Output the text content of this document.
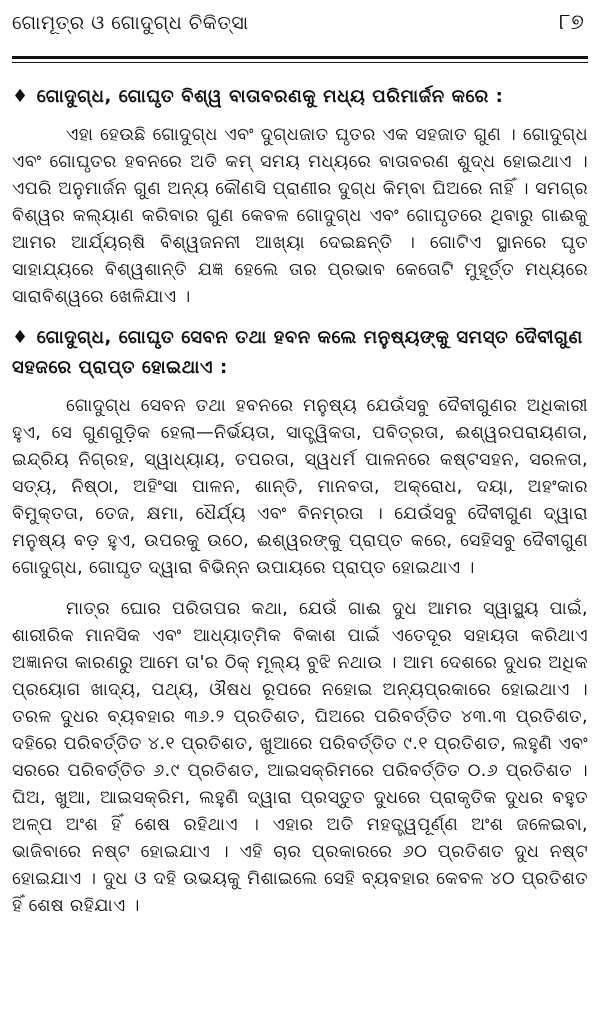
ଗୋମୂତ୍ର ଓ ଗୋଦୁଗ୍ଧ ଚିକିତ୍ସା	୮୭
♦ ଗୋଦୁଗ୍ଧ, ଗୋଘୃତ ବିଶ୍ୱ ବାତାବରଣକୁ ମଧ୍ୟ ପରିମାର୍ଜନ କରେ :

ଏହା ହେଉଛି ଗୋଦୁଗ୍ଧ ଏବଂ ଦୁଗ୍ଧଜାତ ଘୃତର ଏକ ସହଜାତ ଗୁଣ । ଗୋଦୁଗ୍ଧ ଏବଂ ଗୋଘୃତର ହବନରେ ଅତି କମ୍ ସମୟ ମଧ୍ୟରେ ବାତାବରଣ ଶୁଦ୍ଧ ହୋଇଥାଏ । ଏପରି ଅନୁମାର୍ଜନ ଗୁଣ ଅନ୍ୟ କୌଣସି ପ୍ରାଣୀର ଦୁଗ୍ଧ କିମ୍ବା ଘିଅରେ ନାହିଁ । ସମଗ୍ର ବିଶ୍ୱର କଲ୍ୟାଣ କରିବାର ଗୁଣ କେବଳ ଗୋଦୁଗ୍ଧ ଏବଂ ଗୋଘୃତରେ ଥିବାରୁ ଗାଈକୁ ଆମର ଆର୍ଯ୍ୟଋଷି ବିଶ୍ୱଜନନୀ ଆଖ୍ୟା ଦେଇଛନ୍ତି । ଗୋଟିଏ ସ୍ଥାନରେ ଘୃତ ସାହାଯ୍ୟରେ ବିଶ୍ୱଶାନ୍ତି ଯଜ୍ଞ ହେଲେ ତାର ପ୍ରଭାବ କେତୋଟି ମୁହୂର୍ତ୍ତ ମଧ୍ୟରେ ସାରାବିଶ୍ୱରେ ଖେଳିଯାଏ ।

♦ ଗୋଦୁଗ୍ଧ, ଗୋଘୃତ ସେବନ ତଥା ହବନ କଲେ ମନୁଷ୍ୟଙ୍କୁ ସମସ୍ତ ଦୈବୀଗୁଣ ସହଜରେ ପ୍ରାପ୍ତ ହୋଇଥାଏ :

ଗୋଦୁଗ୍ଧ ସେବନ ତଥା ହବନରେ ମନୁଷ୍ୟ ଯେଉଁସବୁ ଦୈବୀଗୁଣର ଅଧିକାରୀ ହୁଏ, ସେ ଗୁଣଗୁଡ଼ିକ ହେଲା—ନିର୍ଭୟତା, ସାତ୍ତ୍ୱିକତା, ପବିତ୍ରତା, ଈଶ୍ୱରପରାୟଣତା, ଇନ୍ଦ୍ରିୟ ନିଗ୍ରହ, ସ୍ୱାଧ୍ୟାୟ, ତପରତା, ସ୍ୱଧର୍ମ ପାଳନରେ କଷ୍ଟସହନ, ସରଳତା, ସତ୍ୟ, ନିଷ୍ଠା, ଅହିଂସା ପାଳନ, ଶାନ୍ତି, ମାନବତା, ଅକ୍ରୋଧ, ଦୟା, ଅହଂକାର ବିମୁକ୍ତତା, ତେଜ, କ୍ଷମା, ଧୈର୍ଯ୍ୟ ଏବଂ ବିନମ୍ରତା । ଯେଉଁସବୁ ଦୈବୀଗୁଣ ଦ୍ୱାରା ମନୁଷ୍ୟ ବଡ଼ ହୁଏ, ଉପରକୁ ଉଠେ, ଈଶ୍ୱରଙ୍କୁ ପ୍ରାପ୍ତ କରେ, ସେହିସବୁ ଦୈବୀଗୁଣ ଗୋଦୁଗ୍ଧ, ଗୋଘୃତ ଦ୍ୱାରା ବିଭିନ୍ନ ଉପାୟରେ ପ୍ରାପ୍ତ ହୋଇଥାଏ ।

ମାତ୍ର ଘୋର ପରିତାପର କଥା, ଯେଉଁ ଗାଈ ଦୁଧ ଆମର ସ୍ୱାସ୍ଥ୍ୟ ପାଇଁ, ଶାରୀରିକ ମାନସିକ ଏବଂ ଆଧ୍ୟାତ୍ମିକ ବିକାଶ ପାଇଁ ଏତେଦୂର ସହାୟତା କରିଥାଏ ଅଜ୍ଞାନତା କାରଣରୁ ଆମେ ତା'ର ଠିକ୍ ମୂଲ୍ୟ ବୁଝି ନଥାଉ । ଆମ ଦେଶରେ ଦୁଧର ଅଧିକ ପ୍ରୟୋଗ ଖାଦ୍ୟ, ପଥ୍ୟ, ଔଷଧ ରୂପରେ ନହୋଇ ଅନ୍ୟପ୍ରକାରେ ହୋଇଥାଏ । ତରଳ ଦୁଧର ବ୍ୟବହାର ୩୬.୨ ପ୍ରତିଶତ, ଘିଅରେ ପରିବର୍ତ୍ତିତ ୪୩.୩ ପ୍ରତିଶତ, ଦହିରେ ପରିବର୍ତ୍ତିତ ୪.୧ ପ୍ରତିଶତ, ଖୁଆରେ ପରିବର୍ତ୍ତିତ ୯.୧ ପ୍ରତିଶତ, ଲହୁଣି ଏବଂ ସରରେ ପରିବର୍ତ୍ତିତ ୬.୯ ପ୍ରତିଶତ, ଆଇସକ୍ରିମରେ ପରିବର୍ତ୍ତିତ ୦.୬ ପ୍ରତିଶତ । ଘିଅ, ଖୁଆ, ଆଇସକ୍ରିମ, ଲହୁଣି ଦ୍ୱାରା ପ୍ରସ୍ତୁତ ଦୁଧରେ ପ୍ରାକୃତିକ ଦୁଧର ବହୁତ ଅଳ୍ପ ଅଂଶ ହିଁ ଶେଷ ରହିଥାଏ । ଏହାର ଅତି ମହତ୍ତ୍ୱପୂର୍ଣ୍ଣ ଅଂଶ ଜଳେଇବା, ଭାଜିବାରେ ନଷ୍ଟ ହୋଇଯାଏ । ଏହି ଚାର ପ୍ରକାରରେ ୬୦ ପ୍ରତିଶତ ଦୁଧ ନଷ୍ଟ ହୋଇଯାଏ । ଦୁଧ ଓ ଦହି ଉଭୟକୁ ମିଶାଇଲେ ସେହି ବ୍ୟବହାର କେବଳ ୪୦ ପ୍ରତିଶତ ହିଁ ଶେଷ ରହିଯାଏ ।
